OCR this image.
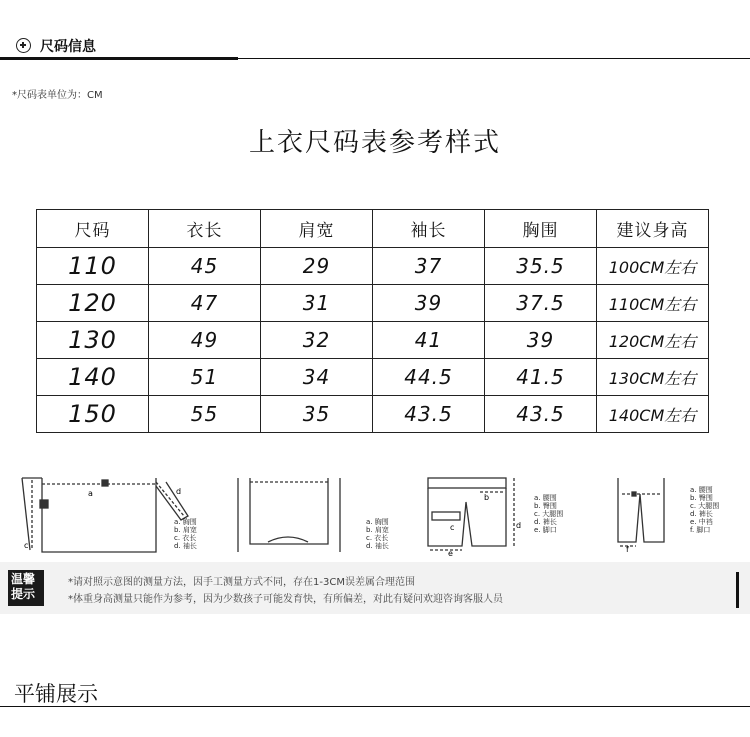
尺码信息
*尺码表单位为：CM
上衣尺码表参考样式
尺码	衣长	肩宽	袖长	胸围	建议身高
110	45	29	37	35.5	100CM左右
120	47	31	39	37.5	110CM左右
130	49	32	41	39	120CM左右
140	51	34	44.5	41.5	130CM左右
150	55	35	43.5	43.5	140CM左右
c
d
a
a. 胸围
b. 肩宽
c. 衣长
d. 袖长
a. 胸围
b. 肩宽
c. 衣长
d. 袖长
b
c	d
e
a. 腰围
b. 臀围
c. 大腿围
d. 裤长
e. 脚口
f
a. 腰围
b. 臀围
c. 大腿围
d. 裤长
e. 中裆
f. 脚口
温馨
提示
*请对照示意图的测量方法，因手工测量方式不同，存在1-3CM误差属合理范围
*体重身高测量只能作为参考，因为少数孩子可能发育快，有所偏差，对此有疑问欢迎咨询客服人员
平铺展示
